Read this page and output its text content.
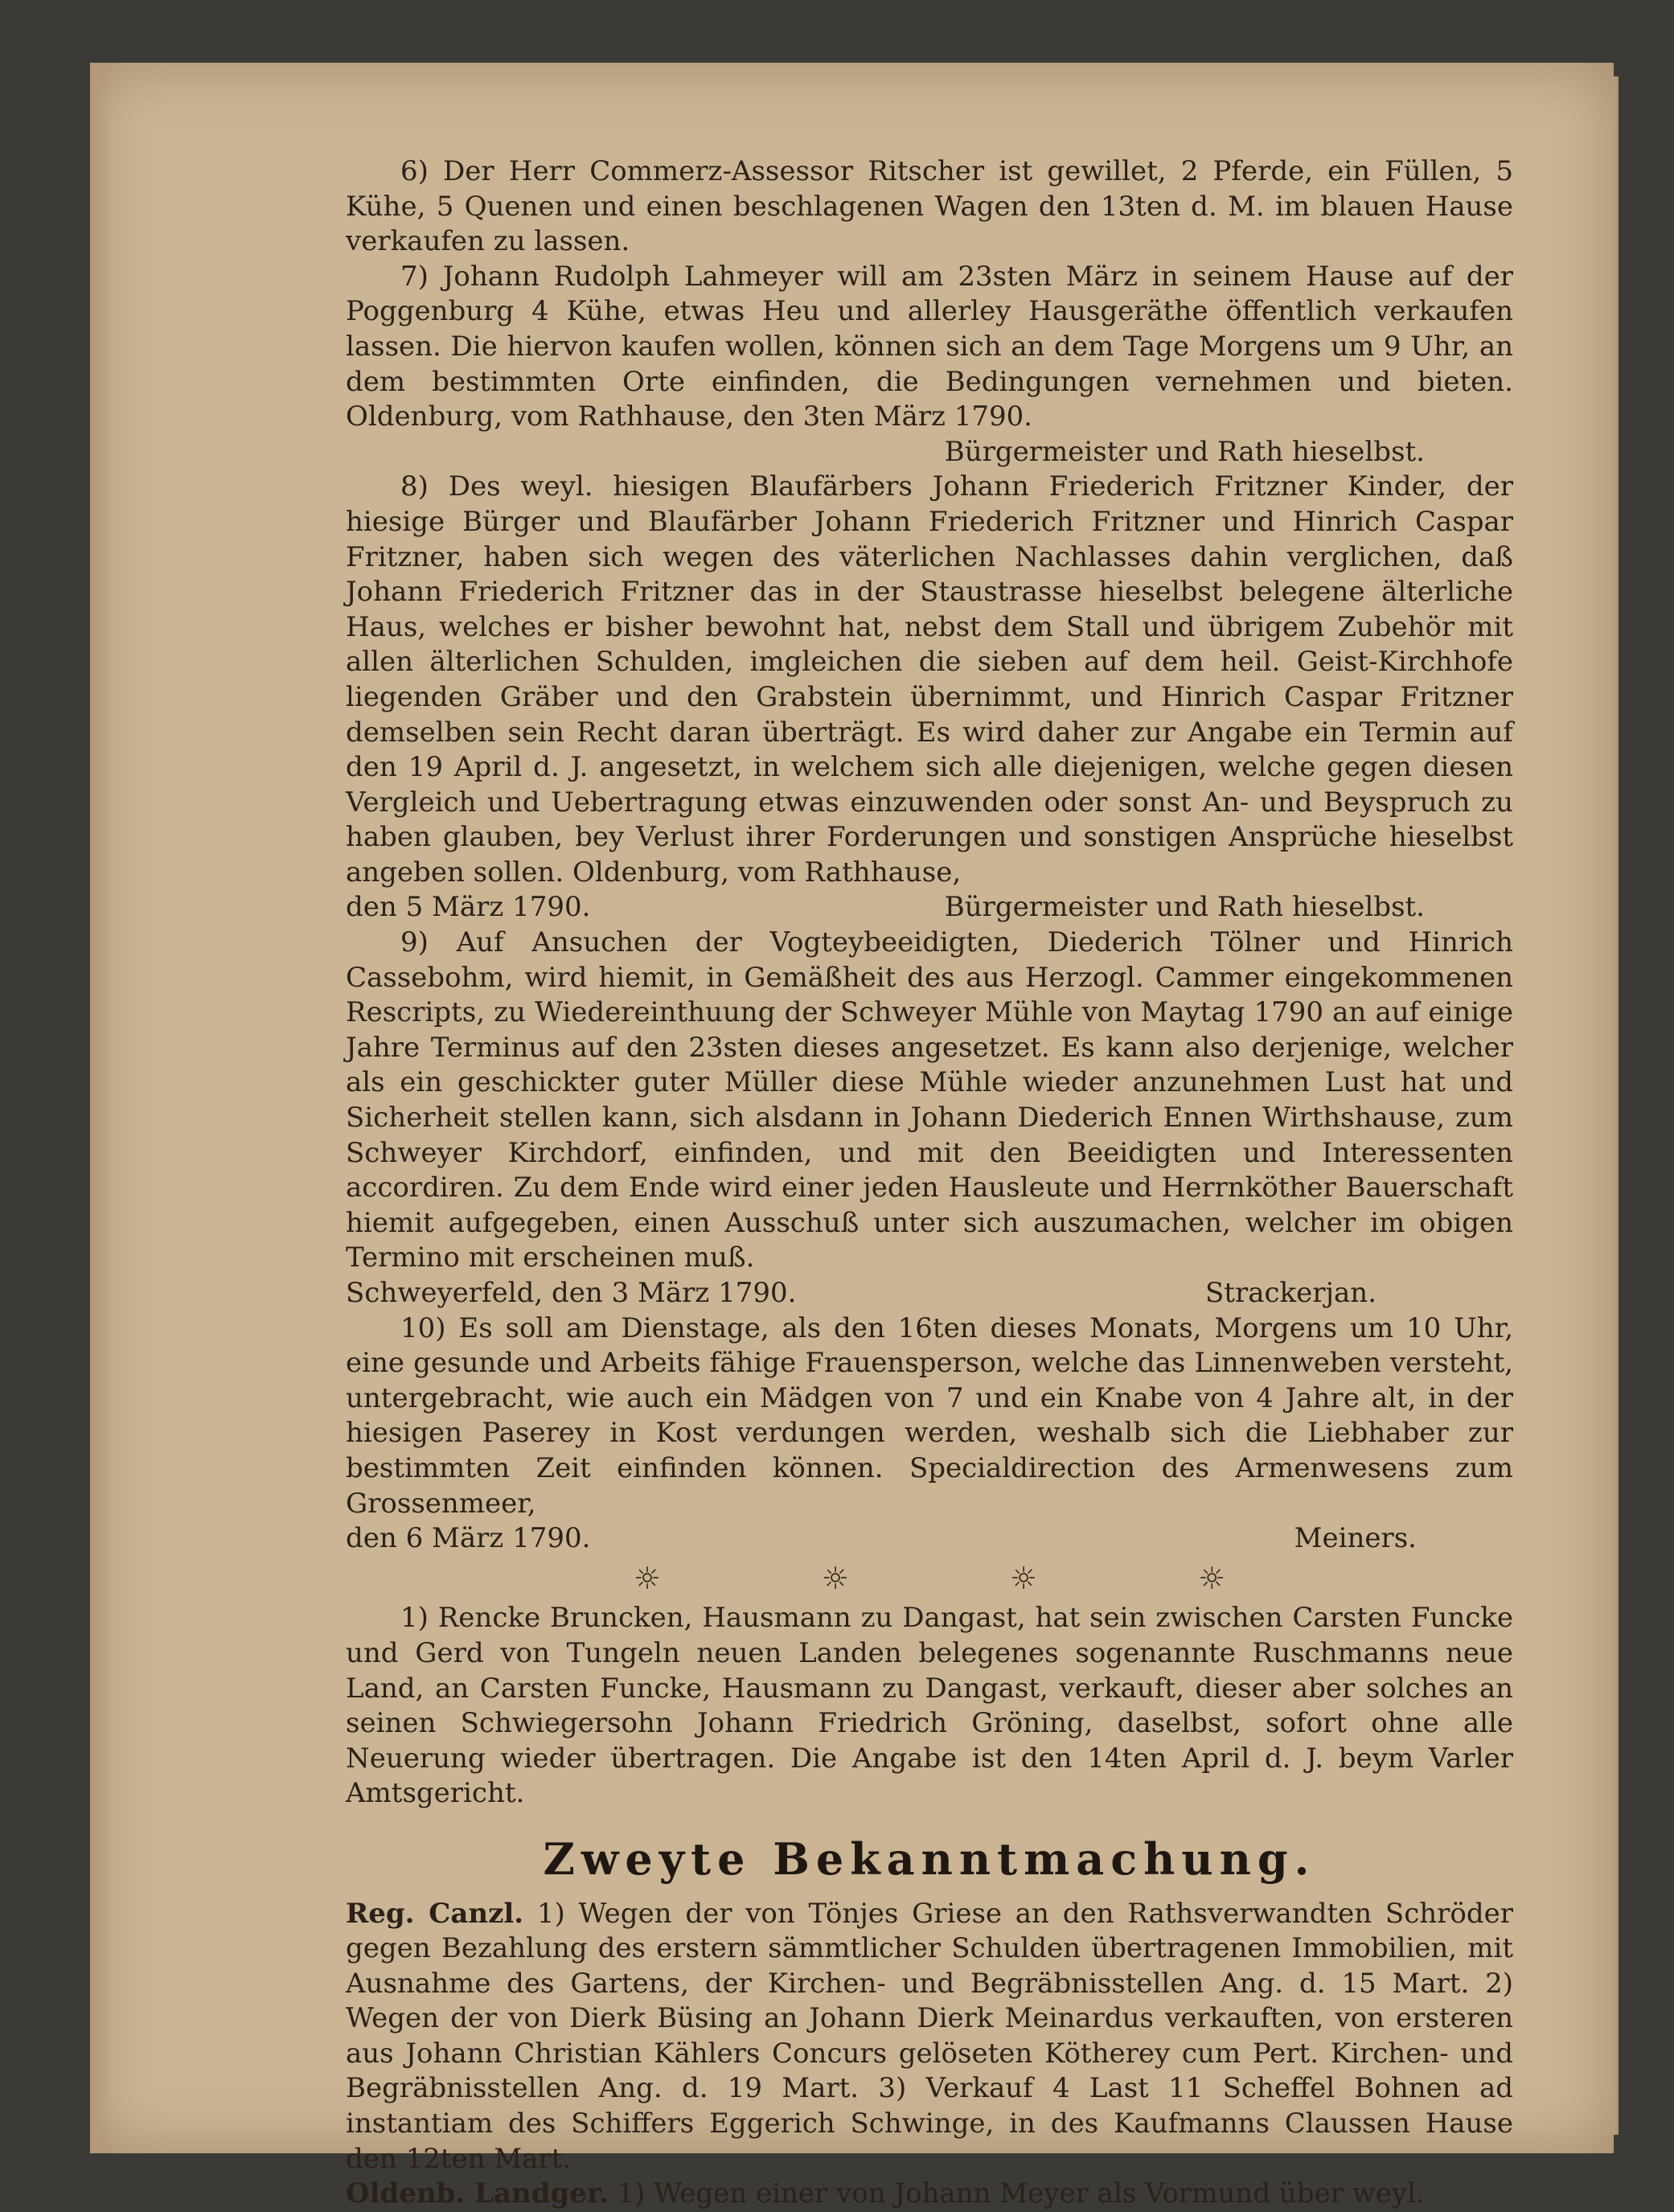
6) Der Herr Commerz-Assessor Ritscher ist gewillet, 2 Pferde, ein Füllen, 5 Kühe, 5 Quenen und einen beschlagenen Wagen den 13ten d. M. im blauen Hause verkaufen zu lassen.

7) Johann Rudolph Lahmeyer will am 23sten März in seinem Hause auf der Poggenburg 4 Kühe, etwas Heu und allerley Hausgeräthe öffentlich verkaufen lassen. Die hiervon kaufen wollen, können sich an dem Tage Morgens um 9 Uhr, an dem bestimmten Orte einfinden, die Bedingungen vernehmen und bieten. Oldenburg, vom Rathhause, den 3ten März 1790.

Bürgermeister und Rath hieselbst.

8) Des weyl. hiesigen Blaufärbers Johann Friederich Fritzner Kinder, der hiesige Bürger und Blaufärber Johann Friederich Fritzner und Hinrich Caspar Fritzner, haben sich wegen des väterlichen Nachlasses dahin verglichen, daß Johann Friederich Fritzner das in der Staustrasse hieselbst belegene älterliche Haus, welches er bisher bewohnt hat, nebst dem Stall und übrigem Zubehör mit allen älterlichen Schulden, imgleichen die sieben auf dem heil. Geist-Kirchhofe liegenden Gräber und den Grabstein übernimmt, und Hinrich Caspar Fritzner demselben sein Recht daran überträgt. Es wird daher zur Angabe ein Termin auf den 19 April d. J. angesetzt, in welchem sich alle diejenigen, welche gegen diesen Vergleich und Uebertragung etwas einzuwenden oder sonst An- und Beyspruch zu haben glauben, bey Verlust ihrer Forderungen und sonstigen Ansprüche hieselbst angeben sollen. Oldenburg, vom Rathhause,

den 5 März 1790.	Bürgermeister und Rath hieselbst.

9) Auf Ansuchen der Vogteybeeidigten, Diederich Tölner und Hinrich Cassebohm, wird hiemit, in Gemäßheit des aus Herzogl. Cammer eingekommenen Rescripts, zu Wiedereinthuung der Schweyer Mühle von Maytag 1790 an auf einige Jahre Terminus auf den 23sten dieses angesetzet. Es kann also derjenige, welcher als ein geschickter guter Müller diese Mühle wieder anzunehmen Lust hat und Sicherheit stellen kann, sich alsdann in Johann Diederich Ennen Wirthshause, zum Schweyer Kirchdorf, einfinden, und mit den Beeidigten und Interessenten accordiren. Zu dem Ende wird einer jeden Hausleute und Herrnköther Bauerschaft hiemit aufgegeben, einen Ausschuß unter sich auszumachen, welcher im obigen Termino mit erscheinen muß.

Schweyerfeld, den 3 März 1790.	Strackerjan.

10) Es soll am Dienstage, als den 16ten dieses Monats, Morgens um 10 Uhr, eine gesunde und Arbeits fähige Frauensperson, welche das Linnenweben versteht, untergebracht, wie auch ein Mädgen von 7 und ein Knabe von 4 Jahre alt, in der hiesigen Paserey in Kost verdungen werden, weshalb sich die Liebhaber zur bestimmten Zeit einfinden können. Specialdirection des Armenwesens zum Grossenmeer,

den 6 März 1790.	Meiners.
☼	☼	☼	☼

1) Rencke Bruncken, Hausmann zu Dangast, hat sein zwischen Carsten Funcke und Gerd von Tungeln neuen Landen belegenes sogenannte Ruschmanns neue Land, an Carsten Funcke, Hausmann zu Dangast, verkauft, dieser aber solches an seinen Schwiegersohn Johann Friedrich Gröning, daselbst, sofort ohne alle Neuerung wieder übertragen. Die Angabe ist den 14ten April d. J. beym Varler Amtsgericht.

Zweyte Bekanntmachung.

Reg. Canzl. 1) Wegen der von Tönjes Griese an den Rathsverwandten Schröder gegen Bezahlung des erstern sämmtlicher Schulden übertragenen Immobilien, mit Ausnahme des Gartens, der Kirchen- und Begräbnisstellen Ang. d. 15 Mart. 2) Wegen der von Dierk Büsing an Johann Dierk Meinardus verkauften, von ersteren aus Johann Christian Kählers Concurs gelöseten Kötherey cum Pert. Kirchen- und Begräbnisstellen Ang. d. 19 Mart. 3) Verkauf 4 Last 11 Scheffel Bohnen ad instantiam des Schiffers Eggerich Schwinge, in des Kaufmanns Claussen Hause den 12ten Mart.

Oldenb. Landger. 1) Wegen einer von Johann Meyer als Vormund über weyl.
